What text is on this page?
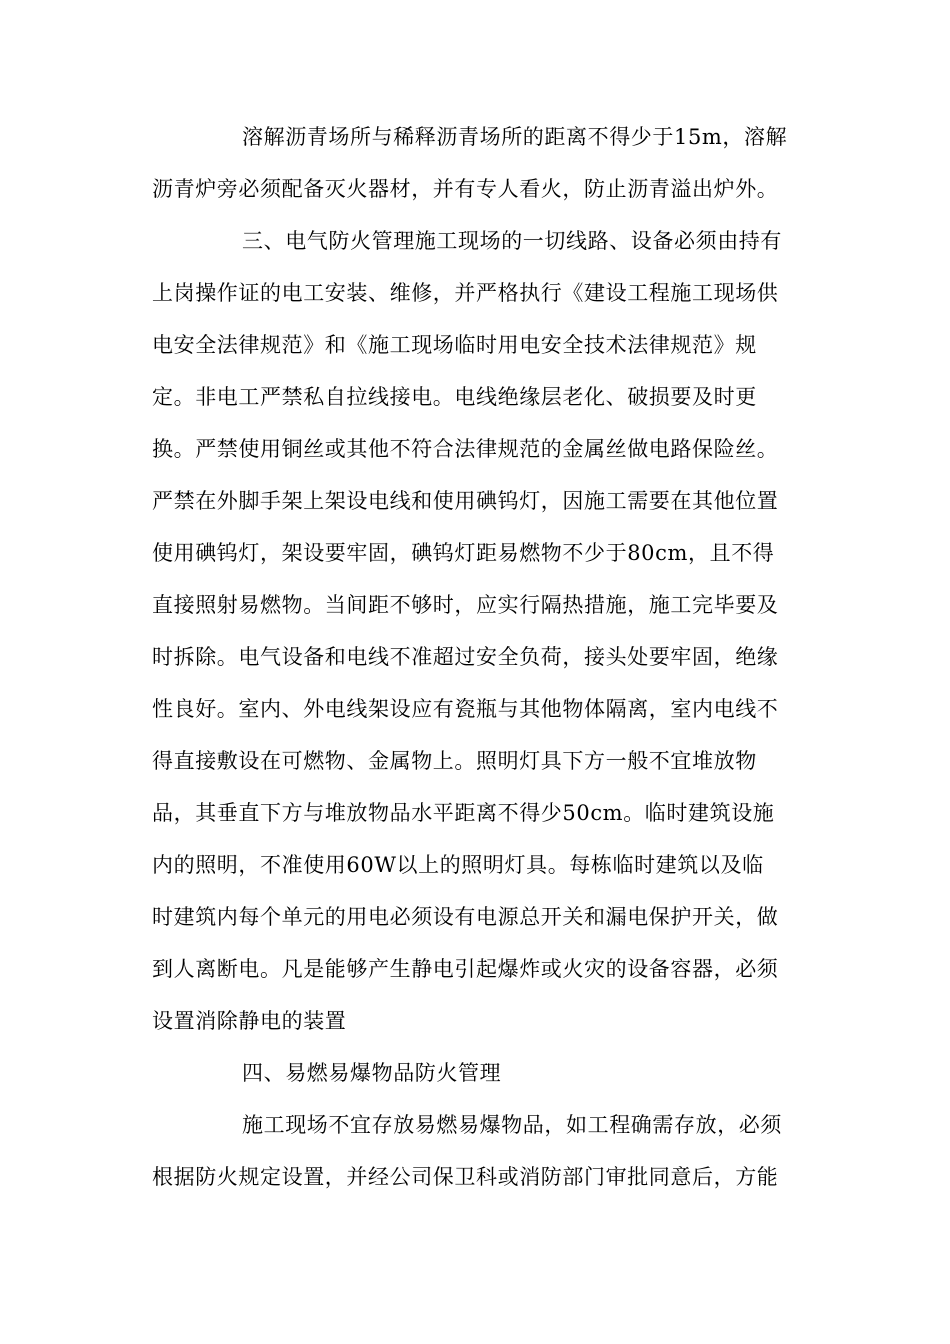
溶解沥青场所与稀释沥青场所的距离不得少于15m，溶解
沥青炉旁必须配备灭火器材，并有专人看火，防止沥青溢出炉外。
三、电气防火管理施工现场的一切线路、设备必须由持有
上岗操作证的电工安装、维修，并严格执行《建设工程施工现场供
电安全法律规范》和《施工现场临时用电安全技术法律规范》规
定。非电工严禁私自拉线接电。电线绝缘层老化、破损要及时更
换。严禁使用铜丝或其他不符合法律规范的金属丝做电路保险丝。
严禁在外脚手架上架设电线和使用碘钨灯，因施工需要在其他位置
使用碘钨灯，架设要牢固，碘钨灯距易燃物不少于80cm，且不得
直接照射易燃物。当间距不够时，应实行隔热措施，施工完毕要及
时拆除。电气设备和电线不准超过安全负荷，接头处要牢固，绝缘
性良好。室内、外电线架设应有瓷瓶与其他物体隔离，室内电线不
得直接敷设在可燃物、金属物上。照明灯具下方一般不宜堆放物
品，其垂直下方与堆放物品水平距离不得少50cm。临时建筑设施
内的照明，不准使用60W以上的照明灯具。每栋临时建筑以及临
时建筑内每个单元的用电必须设有电源总开关和漏电保护开关，做
到人离断电。凡是能够产生静电引起爆炸或火灾的设备容器，必须
设置消除静电的装置
四、易燃易爆物品防火管理
施工现场不宜存放易燃易爆物品，如工程确需存放，必须
根据防火规定设置，并经公司保卫科或消防部门审批同意后，方能
